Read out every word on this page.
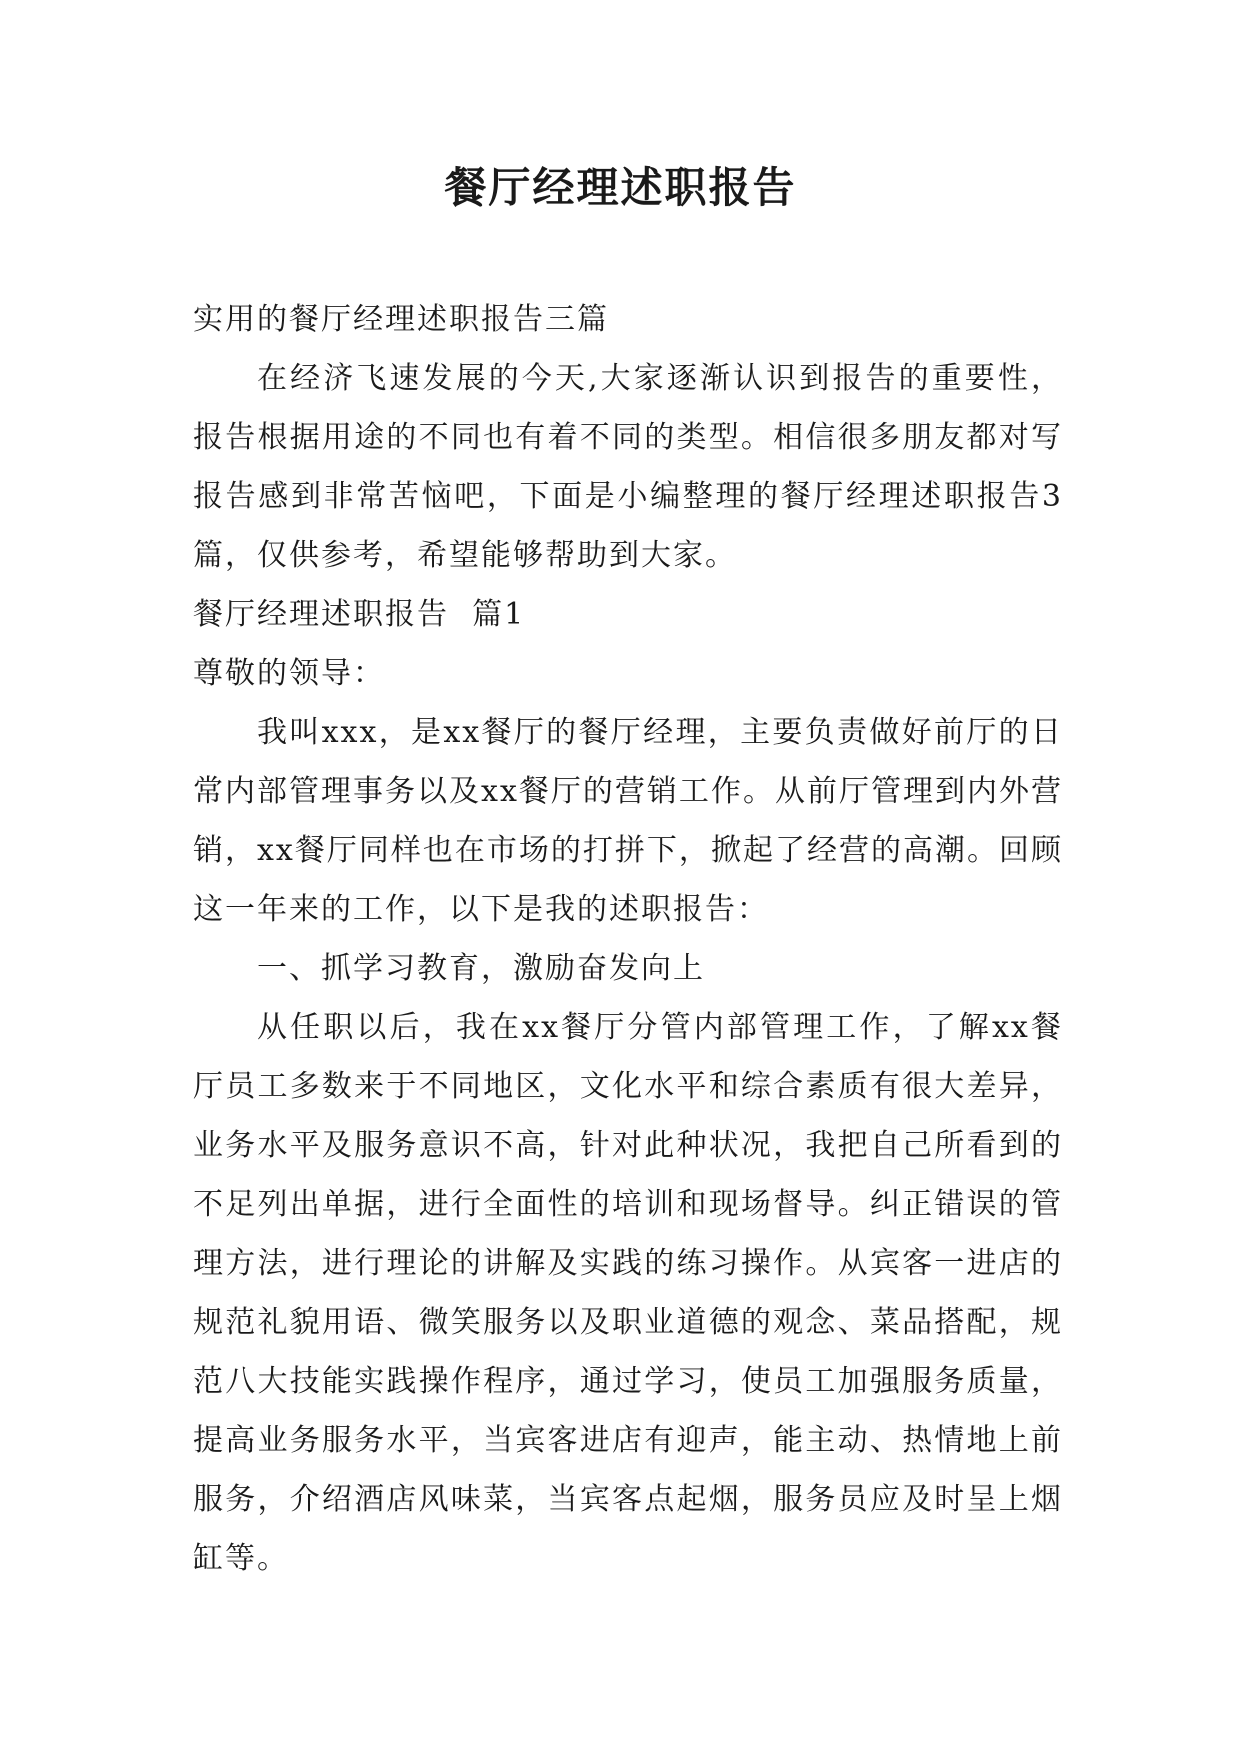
餐厅经理述职报告

实用的餐厅经理述职报告三篇

在经济飞速发展的今天,大家逐渐认识到报告的重要性，报告根据用途的不同也有着不同的类型。相信很多朋友都对写报告感到非常苦恼吧，下面是小编整理的餐厅经理述职报告3篇，仅供参考，希望能够帮助到大家。

餐厅经理述职报告  篇1

尊敬的领导：

我叫xxx，是xx餐厅的餐厅经理，主要负责做好前厅的日常内部管理事务以及xx餐厅的营销工作。从前厅管理到内外营销，xx餐厅同样也在市场的打拼下，掀起了经营的高潮。回顾这一年来的工作，以下是我的述职报告：

一、抓学习教育，激励奋发向上

从任职以后，我在xx餐厅分管内部管理工作，了解xx餐厅员工多数来于不同地区，文化水平和综合素质有很大差异，业务水平及服务意识不高，针对此种状况，我把自己所看到的不足列出单据，进行全面性的培训和现场督导。纠正错误的管理方法，进行理论的讲解及实践的练习操作。从宾客一进店的规范礼貌用语、微笑服务以及职业道德的观念、菜品搭配，规范八大技能实践操作程序，通过学习，使员工加强服务质量，提高业务服务水平，当宾客进店有迎声，能主动、热情地上前服务，介绍酒店风味菜，当宾客点起烟，服务员应及时呈上烟缸等。
